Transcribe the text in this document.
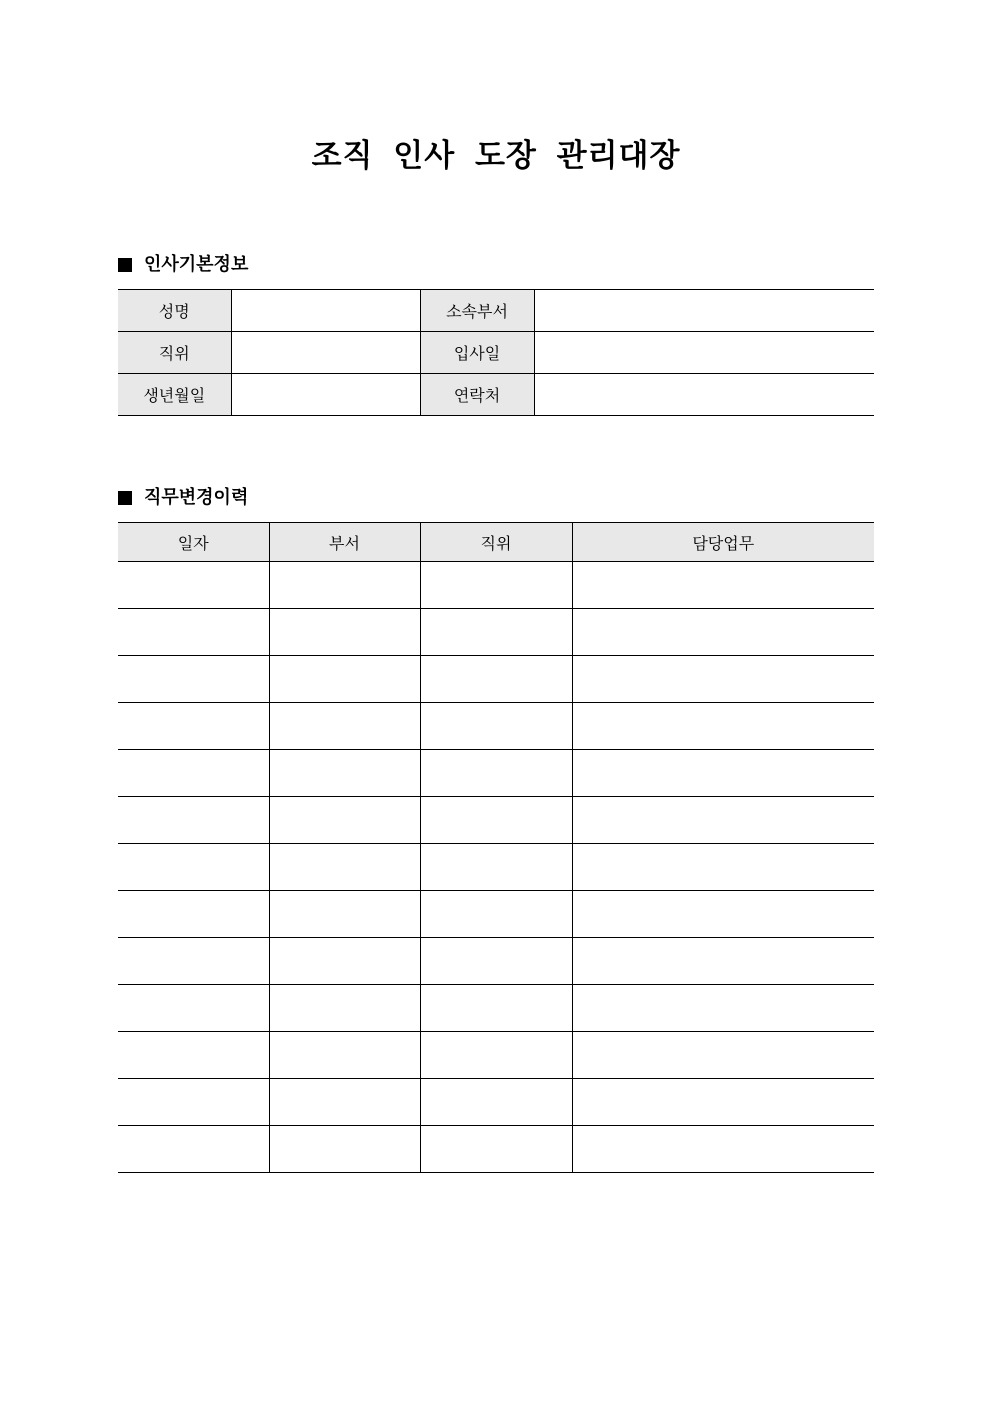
조직 인사 도장 관리대장
인사기본정보
성명		소속부서	
직위		입사일	
생년월일		연락처	
직무변경이력
일자	부서	직위	담당업무
